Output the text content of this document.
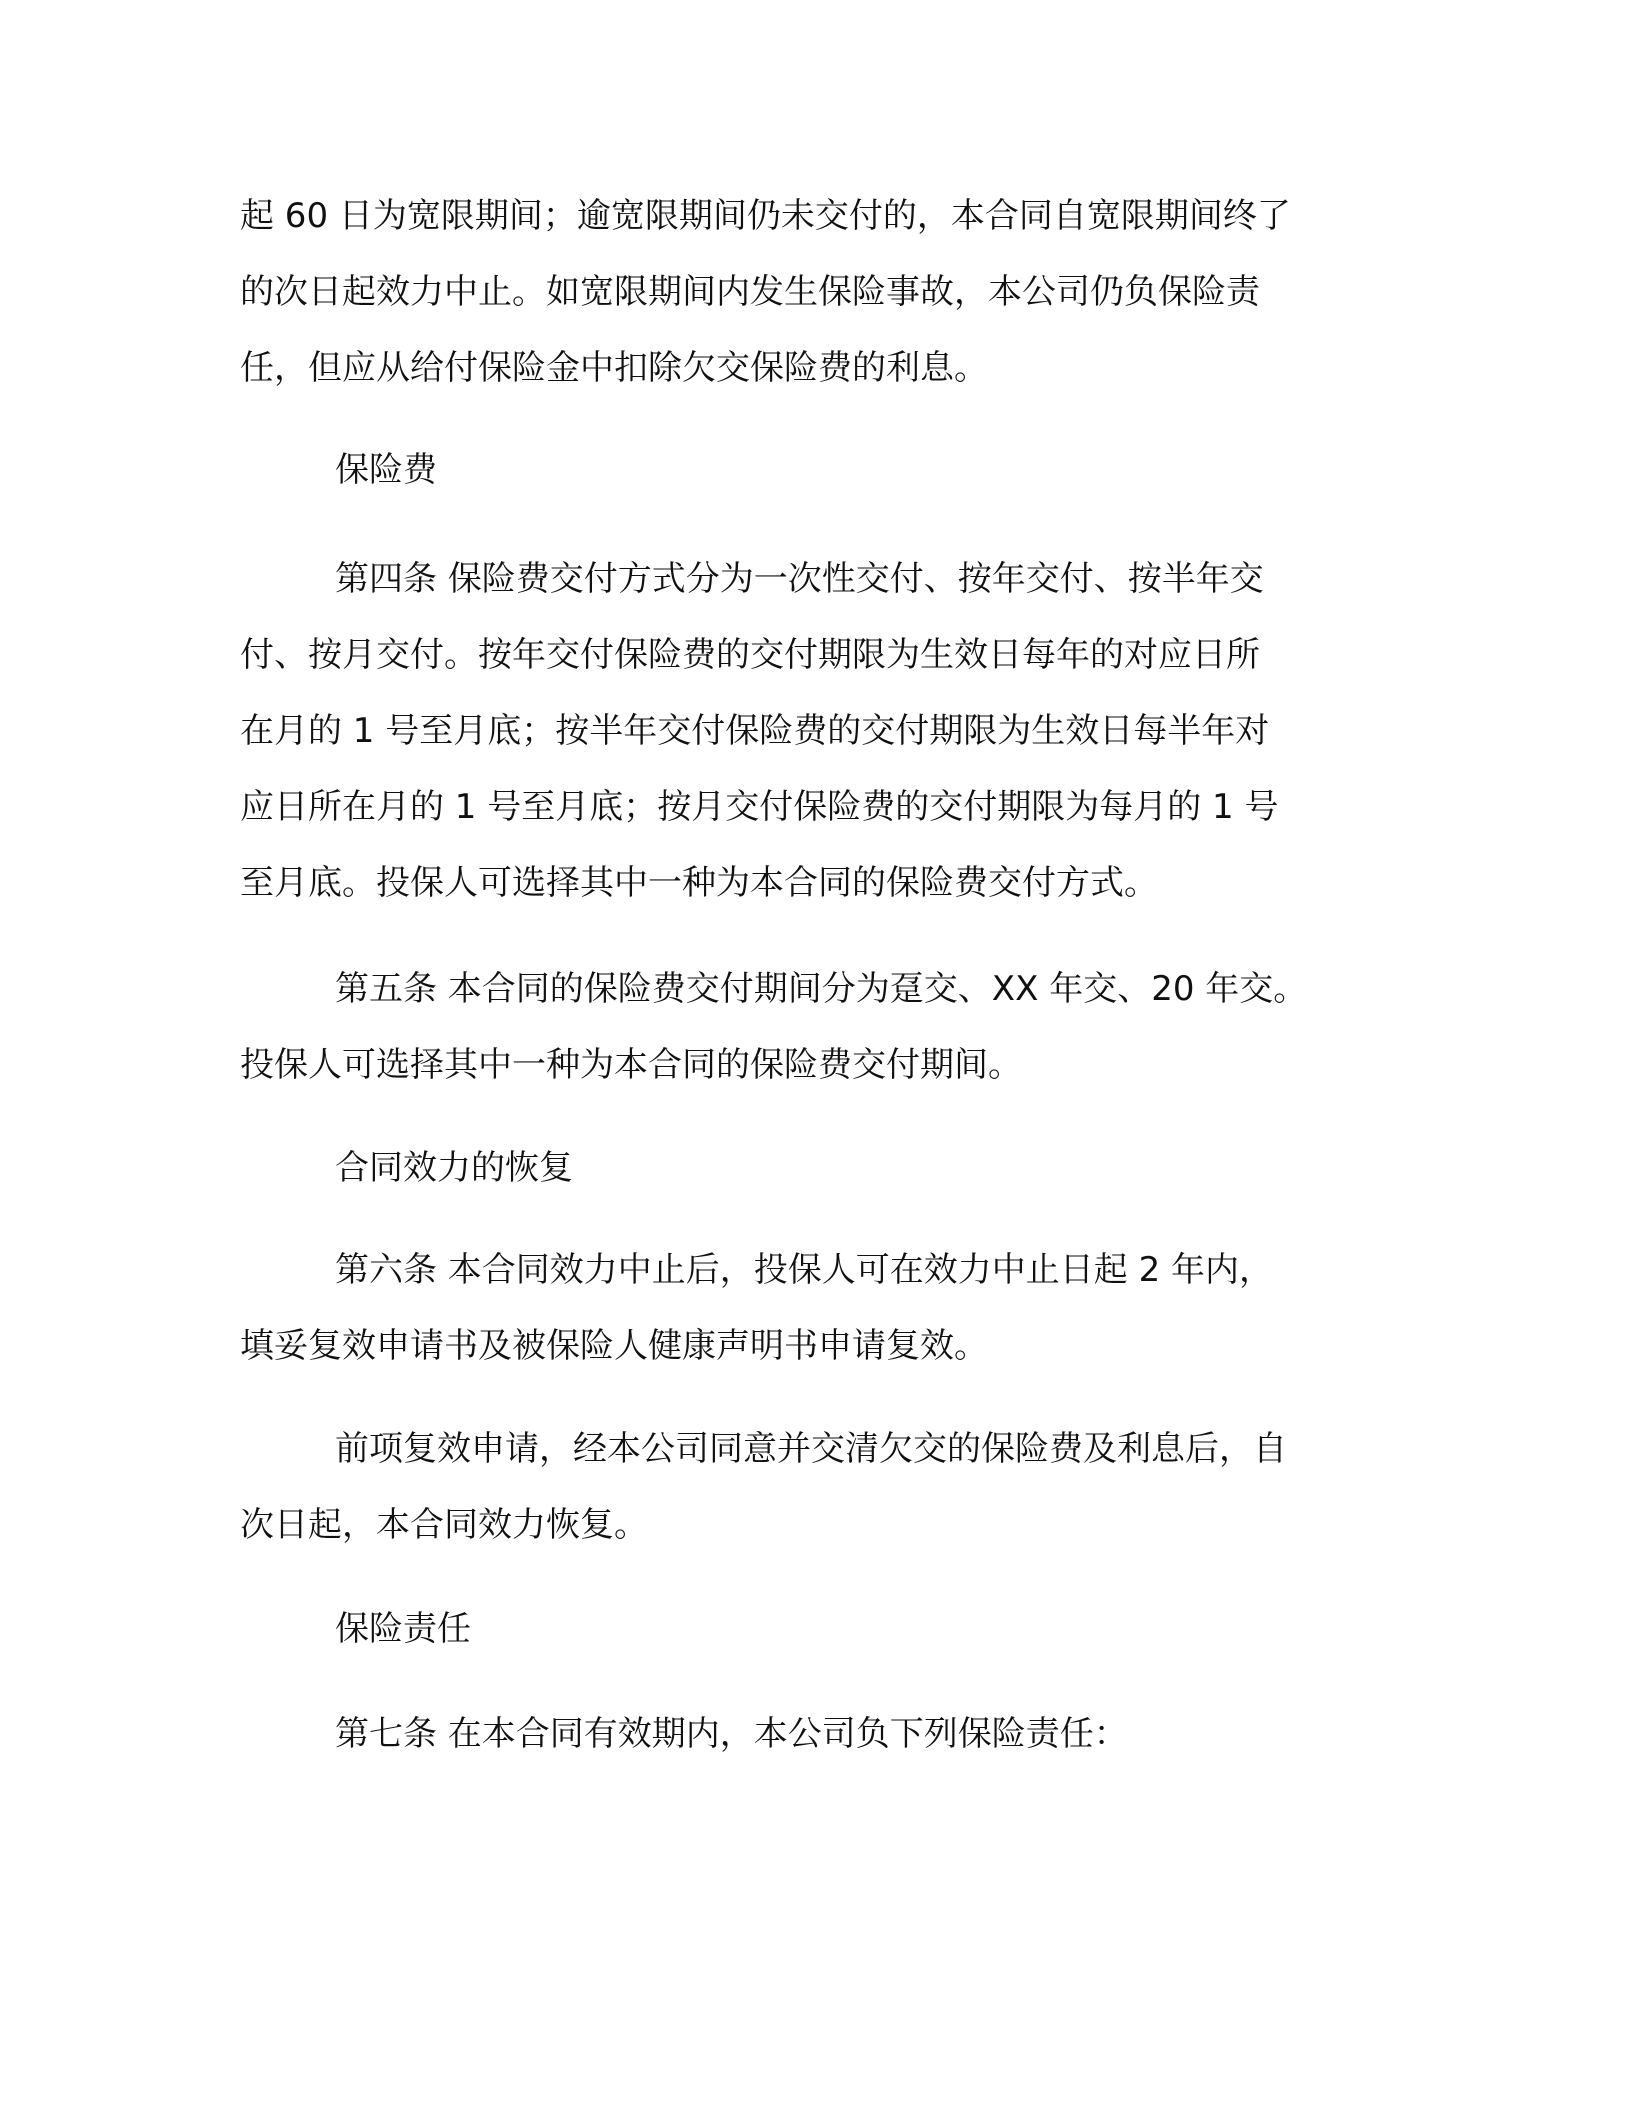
起 60 日为宽限期间；逾宽限期间仍未交付的，本合同自宽限期间终了
的次日起效力中止。如宽限期间内发生保险事故，本公司仍负保险责
任，但应从给付保险金中扣除欠交保险费的利息。
保险费
第四条 保险费交付方式分为一次性交付、按年交付、按半年交
付、按月交付。按年交付保险费的交付期限为生效日每年的对应日所
在月的 1 号至月底；按半年交付保险费的交付期限为生效日每半年对
应日所在月的 1 号至月底；按月交付保险费的交付期限为每月的 1 号
至月底。投保人可选择其中一种为本合同的保险费交付方式。
第五条 本合同的保险费交付期间分为趸交、XX 年交、20 年交。
投保人可选择其中一种为本合同的保险费交付期间。
合同效力的恢复
第六条 本合同效力中止后，投保人可在效力中止日起 2 年内，
填妥复效申请书及被保险人健康声明书申请复效。
前项复效申请，经本公司同意并交清欠交的保险费及利息后，自
次日起，本合同效力恢复。
保险责任
第七条 在本合同有效期内，本公司负下列保险责任：
